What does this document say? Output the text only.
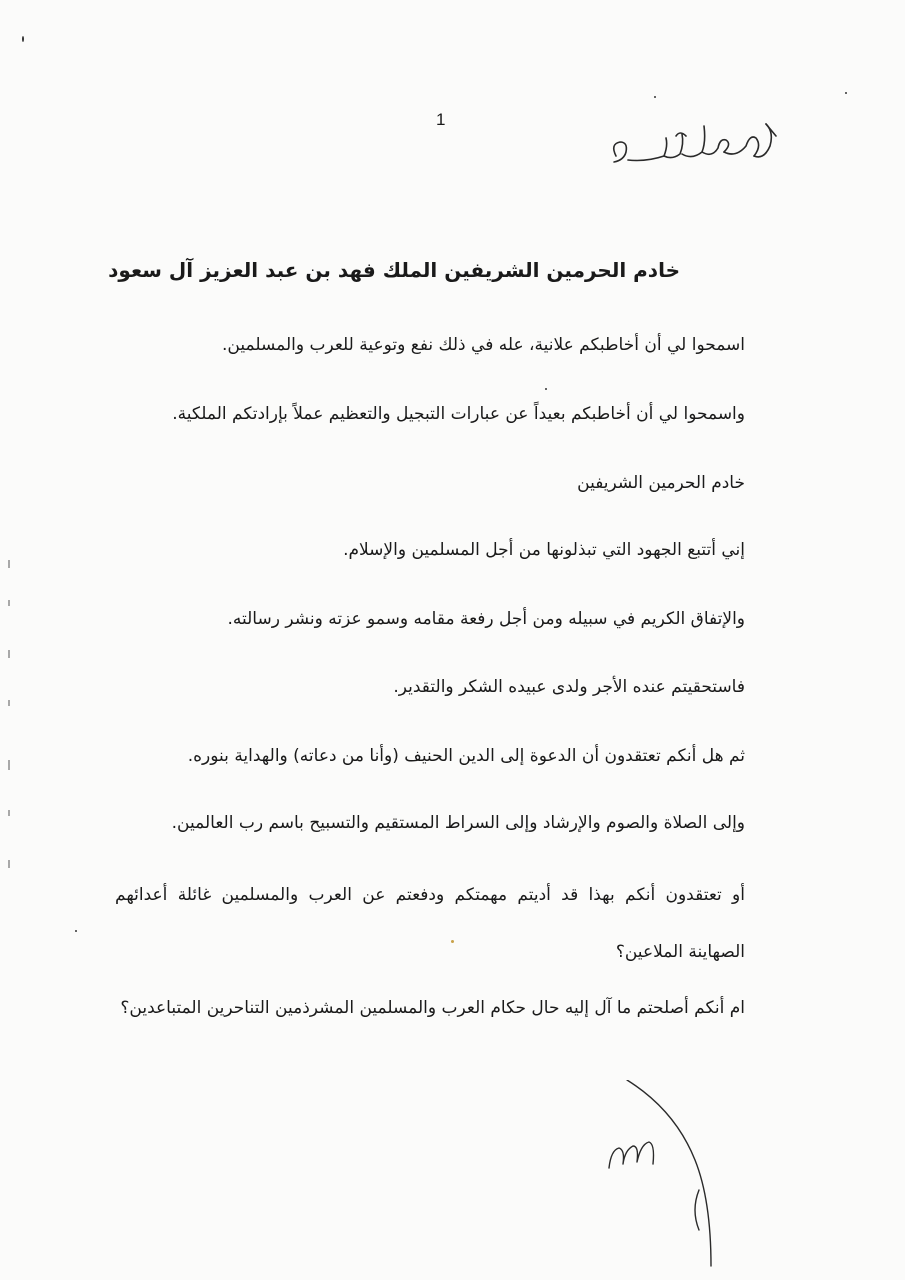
1
خادم الحرمين الشريفين الملك فهد بن عبد العزيز آل سعود
اسمحوا لي أن أخاطبكم علانية، عله في ذلك نفع وتوعية للعرب والمسلمين.
واسمحوا لي أن أخاطبكم بعيداً عن عبارات التبجيل والتعظيم عملاً بإرادتكم الملكية.
خادم الحرمين الشريفين
إني أتتبع الجهود التي تبذلونها من أجل المسلمين والإسلام.
والإتفاق الكريم في سبيله ومن أجل رفعة مقامه وسمو عزته ونشر رسالته.
فاستحقيتم عنده الأجر ولدى عبيده الشكر والتقدير.
ثم هل أنكم تعتقدون أن الدعوة إلى الدين الحنيف (وأنا من دعاته) والهداية بنوره.
وإلى الصلاة والصوم والإرشاد وإلى السراط المستقيم والتسبيح باسم رب العالمين.
أو تعتقدون أنكم بهذا قد أديتم مهمتكم ودفعتم عن العرب والمسلمين غائلة أعدائهم الصهاينة الملاعين؟
ام أنكم أصلحتم ما آل إليه حال حكام العرب والمسلمين المشرذمين التناحرين المتباعدين؟
